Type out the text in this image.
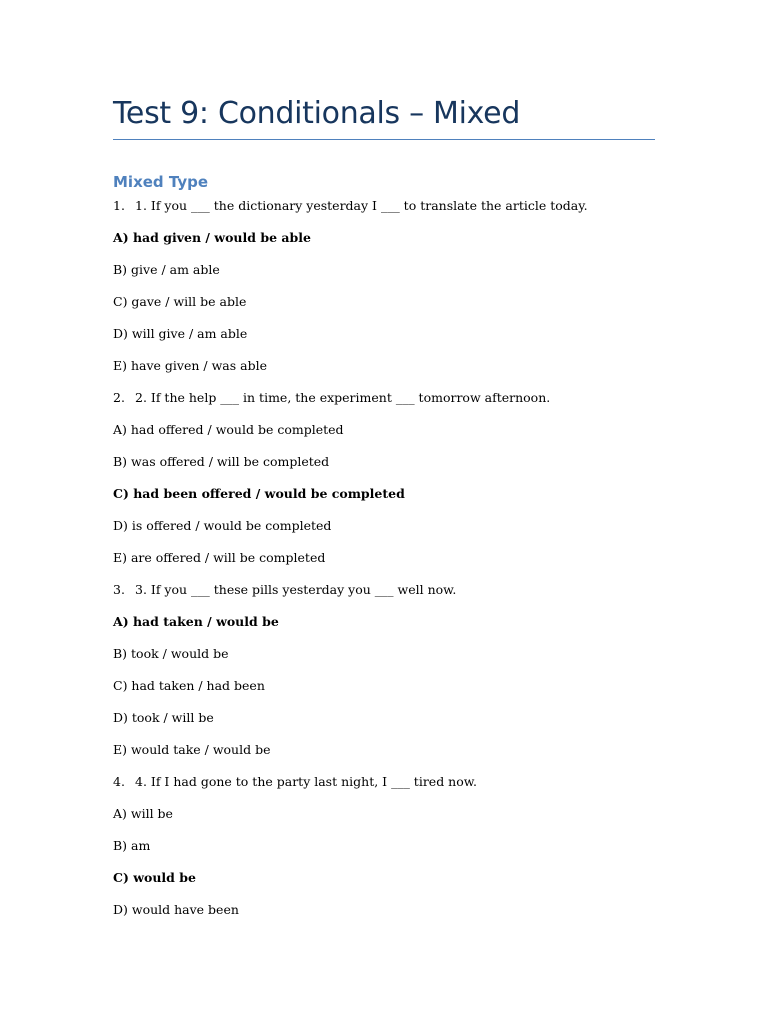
Test 9: Conditionals – Mixed
Mixed Type

1. 1. If you ___ the dictionary yesterday I ___ to translate the article today.

A) had given / would be able

B) give / am able

C) gave / will be able

D) will give / am able

E) have given / was able

2. 2. If the help ___ in time, the experiment ___ tomorrow afternoon.

A) had offered / would be completed

B) was offered / will be completed

C) had been offered / would be completed

D) is offered / would be completed

E) are offered / will be completed

3. 3. If you ___ these pills yesterday you ___ well now.

A) had taken / would be

B) took / would be

C) had taken / had been

D) took / will be

E) would take / would be

4. 4. If I had gone to the party last night, I ___ tired now.

A) will be

B) am

C) would be

D) would have been
